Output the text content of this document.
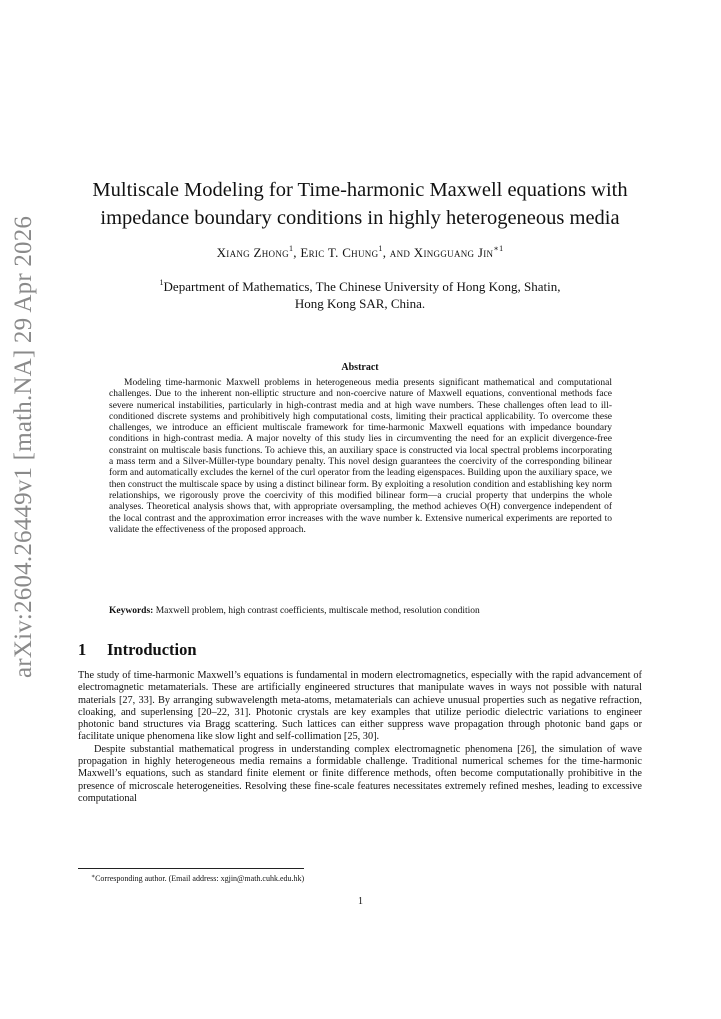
arXiv:2604.26449v1 [math.NA] 29 Apr 2026
Multiscale Modeling for Time-harmonic Maxwell equations with
impedance boundary conditions in highly heterogeneous media
Xiang Zhong$^1$, Eric T. Chung$^1$, and Xingguang Jin$^{∗1}$
$^1$Department of Mathematics, The Chinese University of Hong Kong, Shatin,
Hong Kong SAR, China.
Abstract

Modeling time-harmonic Maxwell problems in heterogeneous media presents significant mathematical and computational challenges. Due to the inherent non-elliptic structure and non-coercive nature of Maxwell equations, conventional methods face severe numerical instabilities, particularly in high-contrast media and at high wave numbers. These challenges often lead to ill-conditioned discrete systems and prohibitively high computational costs, limiting their practical applicability. To overcome these challenges, we introduce an efficient multiscale framework for time-harmonic Maxwell equations with impedance boundary conditions in high-contrast media. A major novelty of this study lies in circumventing the need for an explicit divergence-free constraint on multiscale basis functions. To achieve this, an auxiliary space is constructed via local spectral problems incorporating a mass term and a Silver-Müller-type boundary penalty. This novel design guarantees the coercivity of the corresponding bilinear form and automatically excludes the kernel of the curl operator from the leading eigenspaces. Building upon the auxiliary space, we then construct the multiscale space by using a distinct bilinear form. By exploiting a resolution condition and establishing key norm relationships, we rigorously prove the coercivity of this modified bilinear form—a crucial property that underpins the whole analyses. Theoretical analysis shows that, with appropriate oversampling, the method achieves O(H) convergence independent of the local contrast and the approximation error increases with the wave number k. Extensive numerical experiments are reported to validate the effectiveness of the proposed approach.

Keywords: Maxwell problem, high contrast coefficients, multiscale method, resolution condition

1 Introduction

The study of time-harmonic Maxwell’s equations is fundamental in modern electromagnetics, especially with the rapid advancement of electromagnetic metamaterials. These are artificially engineered structures that manipulate waves in ways not possible with natural materials [27, 33]. By arranging subwavelength meta-atoms, metamaterials can achieve unusual properties such as negative refraction, cloaking, and superlensing [20–22, 31]. Photonic crystals are key examples that utilize periodic dielectric variations to engineer photonic band structures via Bragg scattering. Such lattices can either suppress wave propagation through photonic band gaps or facilitate unique phenomena like slow light and self-collimation [25, 30].

Despite substantial mathematical progress in understanding complex electromagnetic phenomena [26], the simulation of wave propagation in highly heterogeneous media remains a formidable challenge. Traditional numerical schemes for the time-harmonic Maxwell’s equations, such as standard finite element or finite difference methods, often become computationally prohibitive in the presence of microscale heterogeneities. Resolving these fine-scale features necessitates extremely refined meshes, leading to excessive computational

∗Corresponding author. (Email address: xgjin@math.cuhk.edu.hk)
1
